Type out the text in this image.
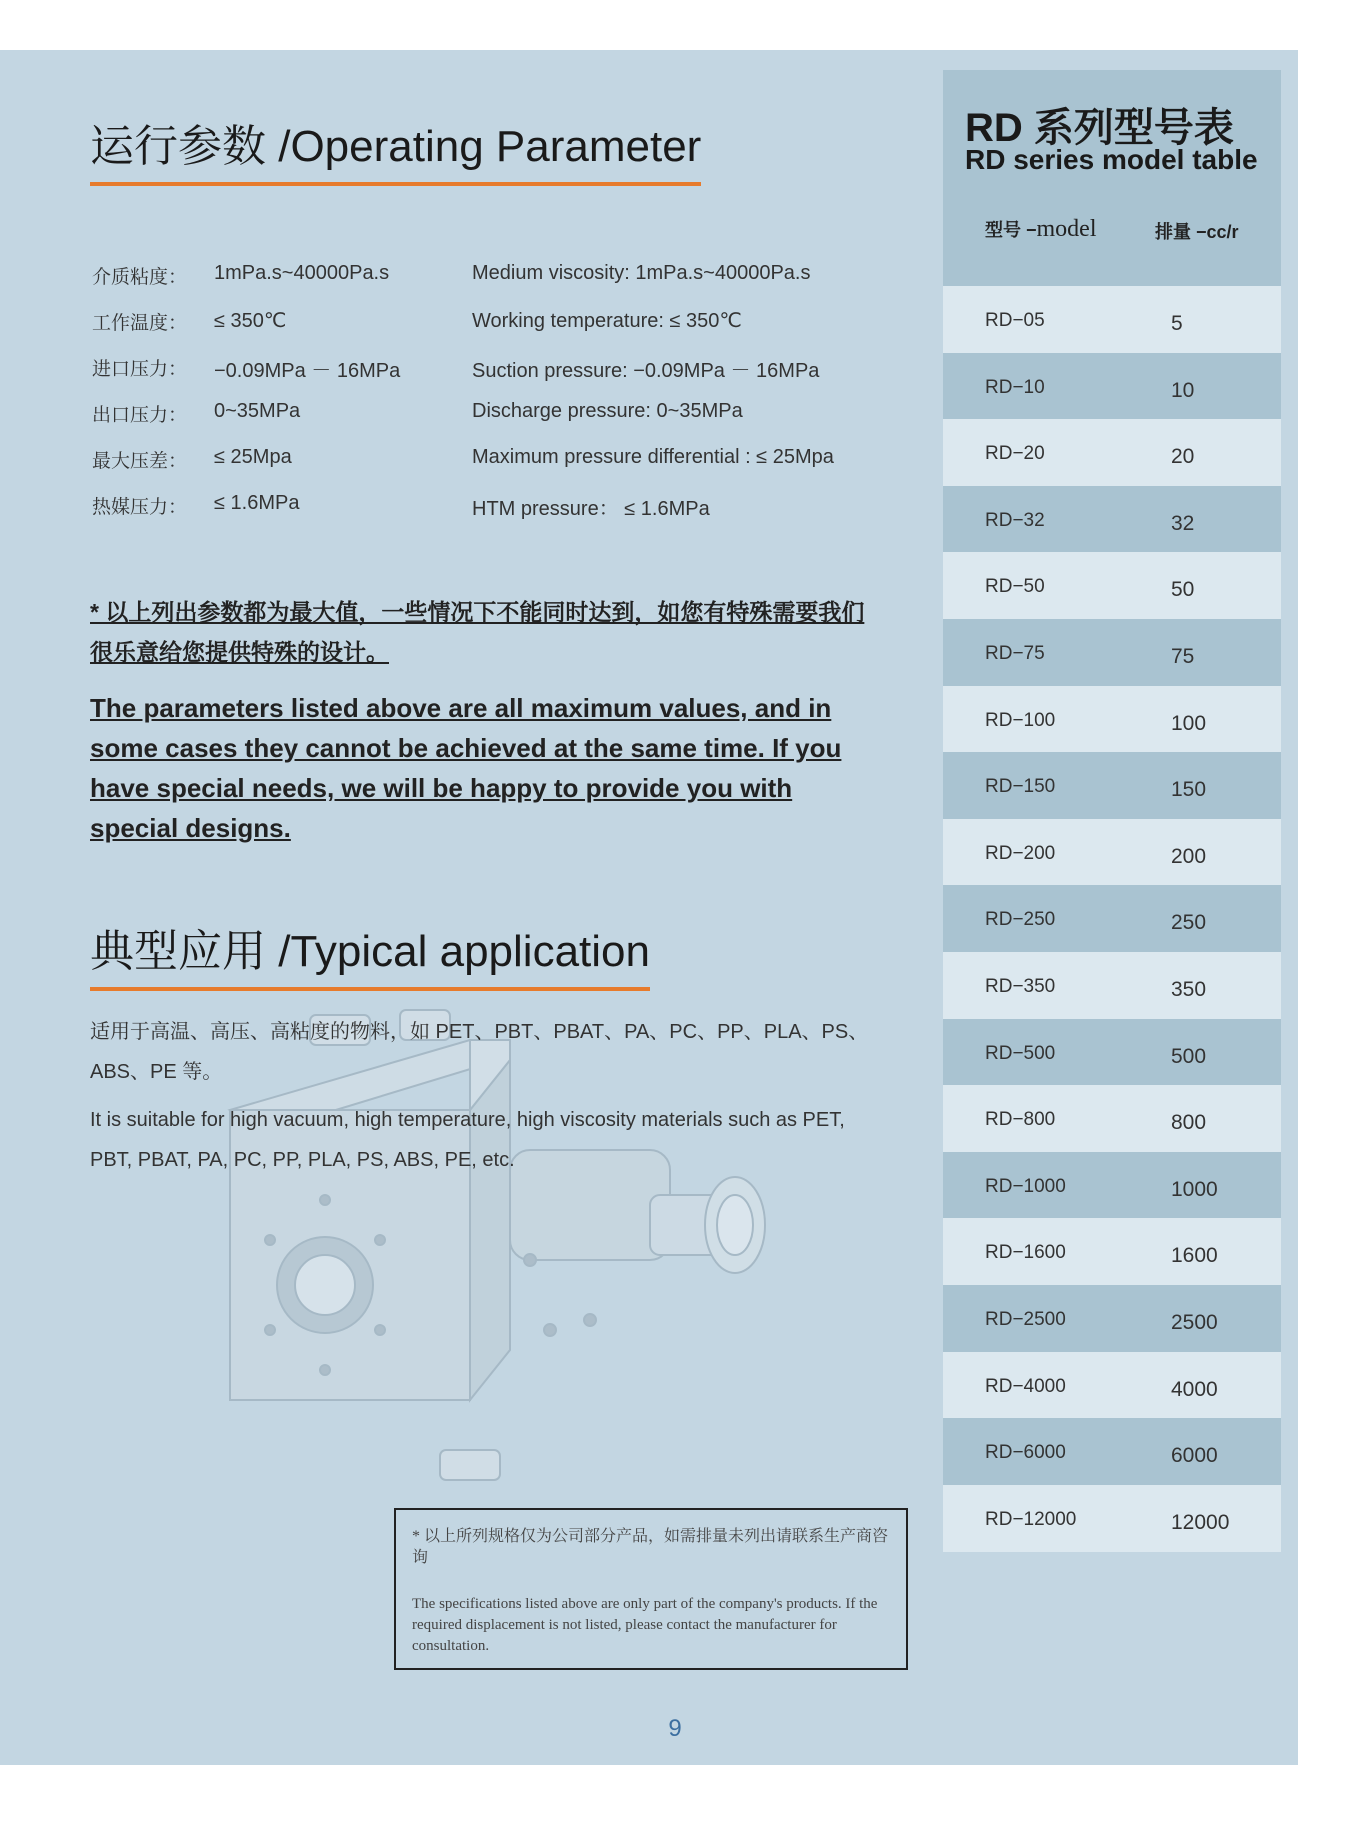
运行参数 /Operating Parameter
介质粘度：	1mPa.s~40000Pa.s	Medium viscosity: 1mPa.s~40000Pa.s
工作温度：	≤ 350℃	Working temperature: ≤ 350℃
进口压力：	−0.09MPa － 16MPa	Suction pressure: −0.09MPa － 16MPa
出口压力：	0~35MPa	Discharge pressure: 0~35MPa
最大压差：	≤ 25Mpa	Maximum pressure differential : ≤ 25Mpa
热媒压力：	≤ 1.6MPa	HTM pressure： ≤ 1.6MPa
* 以上列出参数都为最大值，一些情况下不能同时达到，如您有特殊需要我们很乐意给您提供特殊的设计。
The parameters listed above are all maximum values, and in some cases they cannot be achieved at the same time. If you have special needs, we will be happy to provide you with special designs.
典型应用 /Typical application
适用于高温、高压、高粘度的物料，如 PET、PBT、PBAT、PA、PC、PP、PLA、PS、ABS、PE 等。
It is suitable for high vacuum, high temperature, high viscosity materials such as PET, PBT, PBAT, PA, PC, PP, PLA, PS, ABS, PE, etc.
* 以上所列规格仅为公司部分产品，如需排量未列出请联系生产商咨询
The specifications listed above are only part of the company's products. If the required displacement is not listed, please contact the manufacturer for consultation.
9
RD 系列型号表
RD series model table
型号 −model	排量 −cc/r
RD−05	5
RD−10	10
RD−20	20
RD−32	32
RD−50	50
RD−75	75
RD−100	100
RD−150	150
RD−200	200
RD−250	250
RD−350	350
RD−500	500
RD−800	800
RD−1000	1000
RD−1600	1600
RD−2500	2500
RD−4000	4000
RD−6000	6000
RD−12000	12000
